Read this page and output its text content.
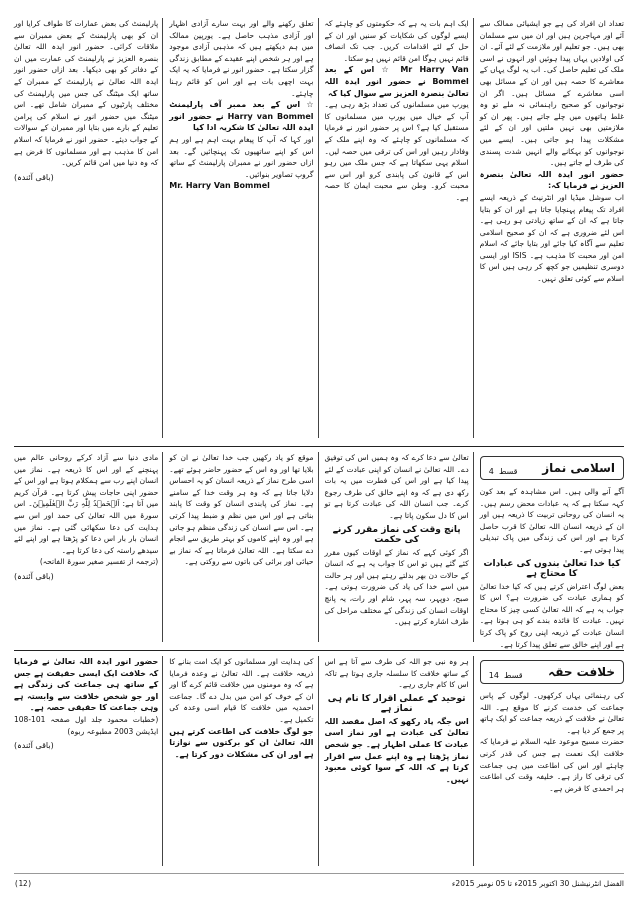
تعداد ان افراد کی ہے جو ایشیائی ممالک سے آئے اور مہاجرین ہیں اور ان میں سے مسلمان بھی ہیں۔ جو تعلیم اور ملازمت کے لئے آئے۔ ان کی اولادیں یہاں پیدا ہوئیں اور انہوں نے اسی ملک کی تعلیم حاصل کی۔ اب یہ لوگ یہاں کے معاشرے کا حصہ ہیں اور ان کے مسائل بھی اسی معاشرے کے مسائل ہیں۔ اگر ان نوجوانوں کو صحیح راہنمائی نہ ملے تو وہ غلط ہاتھوں میں چلے جاتے ہیں۔ پھر ان کو ملازمتیں بھی نہیں ملتیں اور ان کے لئے مشکلات پیدا ہو جاتی ہیں۔ ایسے میں نوجوانوں کو بہکانے والے انہیں شدت پسندی کی طرف لے جاتے ہیں۔

حضور انور ایدہ اللہ تعالیٰ بنصرہ العزیز نے فرمایا کہ:

اب سوشل میڈیا اور انٹرنیٹ کے ذریعہ ایسے افراد تک پیغام پہنچایا جاتا ہے اور ان کو بتایا جاتا ہے کہ ان کے ساتھ زیادتی ہو رہی ہے۔ اس لئے ضروری ہے کہ ان کو صحیح اسلامی تعلیم سے آگاہ کیا جائے اور بتایا جائے کہ اسلام امن اور محبت کا مذہب ہے۔ ISIS اور ایسی دوسری تنظیمیں جو کچھ کر رہی ہیں اس کا اسلام سے کوئی تعلق نہیں۔

ایک اہم بات یہ ہے کہ حکومتوں کو چاہئے کہ ایسے لوگوں کی شکایات کو سنیں اور ان کے حل کے لئے اقدامات کریں۔ جب تک انصاف قائم نہیں ہوگا امن قائم نہیں ہو سکتا۔

Mr Harry Van ☆ اس کے بعد Bommel نے حضور انور ایدہ اللہ تعالیٰ بنصرہ العزیز سے سوال کیا کہ

یورپ میں مسلمانوں کی تعداد بڑھ رہی ہے۔ آپ کے خیال میں یورپ میں مسلمانوں کا مستقبل کیا ہے؟ اس پر حضور انور نے فرمایا کہ مسلمانوں کو چاہئے کہ وہ اپنے ملک کے وفادار رہیں اور اس کی ترقی میں حصہ لیں۔ اسلام یہی سکھاتا ہے کہ جس ملک میں رہو اس کے قانون کی پابندی کرو اور اس سے محبت کرو۔ وطن سے محبت ایمان کا حصہ ہے۔

تعلق رکھنے والے اور بہت سارے آزادی اظہار اور آزادی مذہب حاصل ہے۔ یورپین ممالک میں ہم دیکھتے ہیں کہ مذہبی آزادی موجود ہے اور ہر شخص اپنے عقیدے کے مطابق زندگی گزار سکتا ہے۔ حضور انور نے فرمایا کہ یہ ایک بہت اچھی بات ہے اور اس کو قائم رہنا چاہئے۔

☆ اس کے بعد ممبر آف پارلیمنٹ Harry van Bommel نے حضور انور ایدہ اللہ تعالیٰ کا شکریہ ادا کیا

اور کہا کہ آپ کا پیغام بہت اہم ہے اور ہم اس کو اپنے ساتھیوں تک پہنچائیں گے۔ بعد ازاں حضور انور نے ممبران پارلیمنٹ کے ساتھ گروپ تصاویر بنوائیں۔

Mr. Harry Van Bommel

پارلیمنٹ کی بعض عمارات کا طواف کرایا اور ان کو بھی پارلیمنٹ کے بعض ممبران سے ملاقات کرائی۔ حضور انور ایدہ اللہ تعالیٰ بنصرہ العزیز نے پارلیمنٹ کی عمارت میں ان کے دفاتر کو بھی دیکھا۔ بعد ازاں حضور انور ایدہ اللہ تعالیٰ نے پارلیمنٹ کے ممبران کے ساتھ ایک میٹنگ کی جس میں پارلیمنٹ کی مختلف پارٹیوں کے ممبران شامل تھے۔ اس میٹنگ میں حضور انور نے اسلام کی پرامن تعلیم کے بارے میں بتایا اور ممبران کے سوالات کے جواب دیئے۔ حضور انور نے فرمایا کہ اسلام امن کا مذہب ہے اور مسلمانوں کا فرض ہے کہ وہ دنیا میں امن قائم کریں۔

(باقی آئندہ)

اسلامی نماز
قسط 4

آگے آنے والی ہیں۔ اس مشاہدہ کے بعد کون کہہ سکتا ہے کہ یہ عبادات محض رسم ہیں۔ یہ انسان کی روحانی تربیت کا ذریعہ ہیں اور ان کے ذریعہ انسان اللہ تعالیٰ کا قرب حاصل کرتا ہے اور اس کی زندگی میں پاک تبدیلی پیدا ہوتی ہے۔

کیا خدا تعالیٰ بندوں کی عبادات کا محتاج ہے

بعض لوگ اعتراض کرتے ہیں کہ کیا خدا تعالیٰ کو ہماری عبادت کی ضرورت ہے؟ اس کا جواب یہ ہے کہ اللہ تعالیٰ کسی چیز کا محتاج نہیں۔ عبادت کا فائدہ بندے کو ہی ہوتا ہے۔ انسان عبادت کے ذریعہ اپنی روح کو پاک کرتا ہے اور اپنے خالق سے تعلق پیدا کرتا ہے۔

تعالیٰ سے دعا کرے کہ وہ ہمیں اس کی توفیق دے۔ اللہ تعالیٰ نے انسان کو اپنی عبادت کے لئے پیدا کیا ہے اور اس کی فطرت میں یہ بات رکھ دی ہے کہ وہ اپنے خالق کی طرف رجوع کرے۔ جب انسان اللہ کی عبادت کرتا ہے تو اس کا دل سکون پاتا ہے۔

پانچ وقت کی نماز مقرر کرنے کی حکمت

اگر کوئی کہے کہ نماز کے اوقات کیوں مقرر کئے گئے ہیں تو اس کا جواب یہ ہے کہ انسان کے حالات دن بھر بدلتے رہتے ہیں اور ہر حالت میں اسے خدا کی یاد کی ضرورت ہوتی ہے۔ صبح، دوپہر، سہ پہر، شام اور رات، یہ پانچ اوقات انسان کی زندگی کے مختلف مراحل کی طرف اشارہ کرتے ہیں۔

موقع کو یاد رکھیں جب خدا تعالیٰ نے ان کو بلایا تھا اور وہ اس کے حضور حاضر ہوئے تھے۔ اسی طرح نماز کے ذریعہ انسان کو یہ احساس دلایا جاتا ہے کہ وہ ہر وقت خدا کے سامنے ہے۔ نماز کی پابندی انسان کو وقت کا پابند بناتی ہے اور اس میں نظم و ضبط پیدا کرتی ہے۔ اس سے انسان کی زندگی منظم ہو جاتی ہے اور وہ اپنے کاموں کو بہتر طریق سے انجام دے سکتا ہے۔ اللہ تعالیٰ فرماتا ہے کہ نماز بے حیائی اور برائی کی باتوں سے روکتی ہے۔

مادی دنیا سے آزاد کرکے روحانی عالم میں پہنچنے کے اور اس کا ذریعہ ہے۔ نماز میں انسان اپنے رب سے ہمکلام ہوتا ہے اور اس کے حضور اپنی حاجات پیش کرتا ہے۔ قرآن کریم میں آتا ہے: اَلۡحَمۡدُ لِلّٰہِ رَبِّ الۡعٰلَمِیۡنَ۔ اس سورۃ میں اللہ تعالیٰ کی حمد اور اس سے ہدایت کی دعا سکھائی گئی ہے۔ نماز میں انسان بار بار اس دعا کو پڑھتا ہے اور اپنے لئے سیدھے راستہ کی دعا کرتا ہے۔

(ترجمہ از تفسیر صغیر سورۃ الفاتحہ)

(باقی آئندہ)

خلافت حقہ
قسط 14

کی رہنمائی یہاں کرکھوں۔ لوگوں کے پاس جماعت کی خدمت کرنے کا موقع ہے۔ اللہ تعالیٰ نے خلافت کے ذریعہ جماعت کو ایک ہاتھ پر جمع کر دیا ہے۔

حضرت مسیح موعود علیہ السلام نے فرمایا کہ خلافت ایک نعمت ہے جس کی قدر کرنی چاہئے اور اس کی اطاعت میں ہی جماعت کی ترقی کا راز ہے۔ خلیفہ وقت کی اطاعت ہر احمدی کا فرض ہے۔

ہر وہ نبی جو اللہ کی طرف سے آتا ہے اس کے ساتھ خلافت کا سلسلہ جاری ہوتا ہے تاکہ اس کا کام جاری رہے۔

توحید کے عملی اقرار کا نام ہی نماز ہے

اس جگہ یاد رکھو کہ اصل مقصد اللہ تعالیٰ کی عبادت ہے اور نماز اسی عبادت کا عملی اظہار ہے۔ جو شخص نماز پڑھتا ہے وہ اپنے عمل سے اقرار کرتا ہے کہ اللہ کے سوا کوئی معبود نہیں۔

کی ہدایت اور مسلمانوں کو ایک امت بنانے کا ذریعہ خلافت ہے۔ اللہ تعالیٰ نے وعدہ فرمایا ہے کہ وہ مومنوں میں خلافت قائم کرے گا اور ان کے خوف کو امن میں بدل دے گا۔ جماعت احمدیہ میں خلافت کا قیام اسی وعدہ کی تکمیل ہے۔

جو لوگ خلافت کی اطاعت کرتے ہیں اللہ تعالیٰ ان کو برکتوں سے نوازتا ہے اور ان کی مشکلات دور کرتا ہے۔

حضور انور ایدہ اللہ تعالیٰ نے فرمایا کہ خلافت ایک ایسی حقیقت ہے جس کے ساتھ ہی جماعت کی زندگی ہے اور جو شخص خلافت سے وابستہ ہے وہی جماعت کا حقیقی حصہ ہے۔

(خطبات محمود جلد اول صفحہ 101-108 ایڈیشن 2003 مطبوعہ ربوہ)

(باقی آئندہ)

الفضل انٹرنیشنل 30 اکتوبر 2015ء تا 05 نومبر 2015ء
(12)
